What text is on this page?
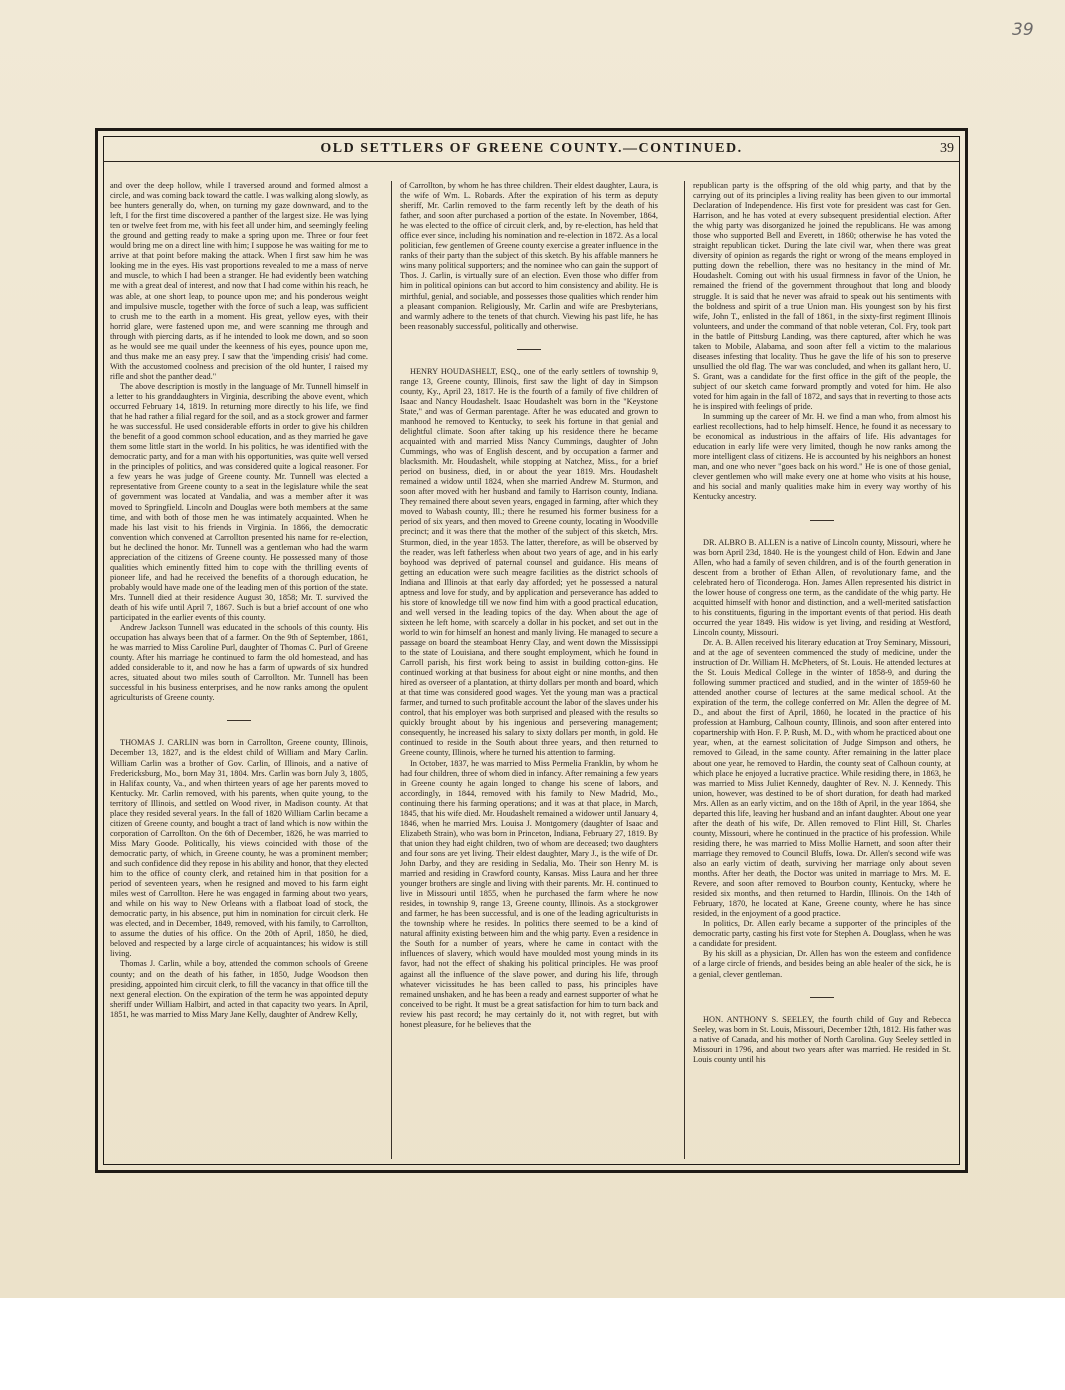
39
OLD SETTLERS OF GREENE COUNTY.—CONTINUED.	39

and over the deep hollow, while I traversed around and formed almost a circle, and was coming back toward the cattle. I was walking along slowly, as bee hunters generally do, when, on turning my gaze downward, and to the left, I for the first time discovered a panther of the largest size. He was lying ten or twelve feet from me, with his feet all under him, and seemingly feeling the ground and getting ready to make a spring upon me. Three or four feet would bring me on a direct line with him; I suppose he was waiting for me to arrive at that point before making the attack. When I first saw him he was looking me in the eyes. His vast proportions revealed to me a mass of nerve and muscle, to which I had been a stranger. He had evidently been watching me with a great deal of interest, and now that I had come within his reach, he was able, at one short leap, to pounce upon me; and his ponderous weight and impulsive muscle, together with the force of such a leap, was sufficient to crush me to the earth in a moment. His great, yellow eyes, with their horrid glare, were fastened upon me, and were scanning me through and through with piercing darts, as if he intended to look me down, and so soon as he would see me quail under the keenness of his eyes, pounce upon me, and thus make me an easy prey. I saw that the 'impending crisis' had come. With the accustomed coolness and precision of the old hunter, I raised my rifle and shot the panther dead."

The above description is mostly in the language of Mr. Tunnell himself in a letter to his granddaughters in Virginia, describing the above event, which occurred February 14, 1819. In returning more directly to his life, we find that he had rather a filial regard for the soil, and as a stock grower and farmer he was successful. He used considerable efforts in order to give his children the benefit of a good common school education, and as they married he gave them some little start in the world. In his politics, he was identified with the democratic party, and for a man with his opportunities, was quite well versed in the principles of politics, and was considered quite a logical reasoner. For a few years he was judge of Greene county. Mr. Tunnell was elected a representative from Greene county to a seat in the legislature while the seat of government was located at Vandalia, and was a member after it was moved to Springfield. Lincoln and Douglas were both members at the same time, and with both of those men he was intimately acquainted. When he made his last visit to his friends in Virginia. In 1866, the democratic convention which convened at Carrollton presented his name for re-election, but he declined the honor. Mr. Tunnell was a gentleman who had the warm appreciation of the citizens of Greene county. He possessed many of those qualities which eminently fitted him to cope with the thrilling events of pioneer life, and had he received the benefits of a thorough education, he probably would have made one of the leading men of this portion of the state. Mrs. Tunnell died at their residence August 30, 1858; Mr. T. survived the death of his wife until April 7, 1867. Such is but a brief account of one who participated in the earlier events of this county.

Andrew Jackson Tunnell was educated in the schools of this county. His occupation has always been that of a farmer. On the 9th of September, 1861, he was married to Miss Caroline Purl, daughter of Thomas C. Purl of Greene county. After his marriage he continued to farm the old homestead, and has added considerable to it, and now he has a farm of upwards of six hundred acres, situated about two miles south of Carrollton. Mr. Tunnell has been successful in his business enterprises, and he now ranks among the opulent agriculturists of Greene county.

THOMAS J. CARLIN was born in Carrollton, Greene county, Illinois, December 13, 1827, and is the eldest child of William and Mary Carlin. William Carlin was a brother of Gov. Carlin, of Illinois, and a native of Fredericksburg, Mo., born May 31, 1804. Mrs. Carlin was born July 3, 1805, in Halifax county, Va., and when thirteen years of age her parents moved to Kentucky. Mr. Carlin removed, with his parents, when quite young, to the territory of Illinois, and settled on Wood river, in Madison county. At that place they resided several years. In the fall of 1820 William Carlin became a citizen of Greene county, and bought a tract of land which is now within the corporation of Carrollton. On the 6th of December, 1826, he was married to Miss Mary Goode. Politically, his views coincided with those of the democratic party, of which, in Greene county, he was a prominent member; and such confidence did they repose in his ability and honor, that they elected him to the office of county clerk, and retained him in that position for a period of seventeen years, when he resigned and moved to his farm eight miles west of Carrollton. Here he was engaged in farming about two years, and while on his way to New Orleans with a flatboat load of stock, the democratic party, in his absence, put him in nomination for circuit clerk. He was elected, and in December, 1849, removed, with his family, to Carrollton, to assume the duties of his office. On the 20th of April, 1850, he died, beloved and respected by a large circle of acquaintances; his widow is still living.

Thomas J. Carlin, while a boy, attended the common schools of Greene county; and on the death of his father, in 1850, Judge Woodson then presiding, appointed him circuit clerk, to fill the vacancy in that office till the next general election. On the expiration of the term he was appointed deputy sheriff under William Halbirt, and acted in that capacity two years. In April, 1851, he was married to Miss Mary Jane Kelly, daughter of Andrew Kelly,

of Carrollton, by whom he has three children. Their eldest daughter, Laura, is the wife of Wm. L. Robards. After the expiration of his term as deputy sheriff, Mr. Carlin removed to the farm recently left by the death of his father, and soon after purchased a portion of the estate. In November, 1864, he was elected to the office of circuit clerk, and, by re-election, has held that office ever since, including his nomination and re-election in 1872. As a local politician, few gentlemen of Greene county exercise a greater influence in the ranks of their party than the subject of this sketch. By his affable manners he wins many political supporters; and the nominee who can gain the support of Thos. J. Carlin, is virtually sure of an election. Even those who differ from him in political opinions can but accord to him consistency and ability. He is mirthful, genial, and sociable, and possesses those qualities which render him a pleasant companion. Religiously, Mr. Carlin and wife are Presbyterians, and warmly adhere to the tenets of that church. Viewing his past life, he has been reasonably successful, politically and otherwise.

HENRY HOUDASHELT, ESQ., one of the early settlers of township 9, range 13, Greene county, Illinois, first saw the light of day in Simpson county, Ky., April 23, 1817. He is the fourth of a family of five children of Isaac and Nancy Houdashelt. Isaac Houdashelt was born in the "Keystone State," and was of German parentage. After he was educated and grown to manhood he removed to Kentucky, to seek his fortune in that genial and delightful climate. Soon after taking up his residence there he became acquainted with and married Miss Nancy Cummings, daughter of John Cummings, who was of English descent, and by occupation a farmer and blacksmith. Mr. Houdashelt, while stopping at Natchez, Miss., for a brief period on business, died, in or about the year 1819. Mrs. Houdashelt remained a widow until 1824, when she married Andrew M. Sturmon, and soon after moved with her husband and family to Harrison county, Indiana. They remained there about seven years, engaged in farming, after which they moved to Wabash county, Ill.; there he resumed his former business for a period of six years, and then moved to Greene county, locating in Woodville precinct; and it was there that the mother of the subject of this sketch, Mrs. Sturmon, died, in the year 1853. The latter, therefore, as will be observed by the reader, was left fatherless when about two years of age, and in his early boyhood was deprived of paternal counsel and guidance. His means of getting an education were such meagre facilities as the district schools of Indiana and Illinois at that early day afforded; yet he possessed a natural aptness and love for study, and by application and perseverance has added to his store of knowledge till we now find him with a good practical education, and well versed in the leading topics of the day. When about the age of sixteen he left home, with scarcely a dollar in his pocket, and set out in the world to win for himself an honest and manly living. He managed to secure a passage on board the steamboat Henry Clay, and went down the Mississippi to the state of Louisiana, and there sought employment, which he found in Carroll parish, his first work being to assist in building cotton-gins. He continued working at that business for about eight or nine months, and then hired as overseer of a plantation, at thirty dollars per month and board, which at that time was considered good wages. Yet the young man was a practical farmer, and turned to such profitable account the labor of the slaves under his control, that his employer was both surprised and pleased with the results so quickly brought about by his ingenious and persevering management; consequently, he increased his salary to sixty dollars per month, in gold. He continued to reside in the South about three years, and then returned to Greene county, Illinois, where he turned his attention to farming.

In October, 1837, he was married to Miss Permelia Franklin, by whom he had four children, three of whom died in infancy. After remaining a few years in Greene county he again longed to change his scene of labors, and accordingly, in 1844, removed with his family to New Madrid, Mo., continuing there his farming operations; and it was at that place, in March, 1845, that his wife died. Mr. Houdashelt remained a widower until January 4, 1846, when he married Mrs. Louisa J. Montgomery (daughter of Isaac and Elizabeth Strain), who was born in Princeton, Indiana, February 27, 1819. By that union they had eight children, two of whom are deceased; two daughters and four sons are yet living. Their eldest daughter, Mary J., is the wife of Dr. John Darby, and they are residing in Sedalia, Mo. Their son Henry M. is married and residing in Crawford county, Kansas. Miss Laura and her three younger brothers are single and living with their parents. Mr. H. continued to live in Missouri until 1855, when he purchased the farm where he now resides, in township 9, range 13, Greene county, Illinois. As a stockgrower and farmer, he has been successful, and is one of the leading agriculturists in the township where he resides. In politics there seemed to be a kind of natural affinity existing between him and the whig party. Even a residence in the South for a number of years, where he came in contact with the influences of slavery, which would have moulded most young minds in its favor, had not the effect of shaking his political principles. He was proof against all the influence of the slave power, and during his life, through whatever vicissitudes he has been called to pass, his principles have remained unshaken, and he has been a ready and earnest supporter of what he conceived to be right. It must be a great satisfaction for him to turn back and review his past record; he may certainly do it, not with regret, but with honest pleasure, for he believes that the

republican party is the offspring of the old whig party, and that by the carrying out of its principles a living reality has been given to our immortal Declaration of Independence. His first vote for president was cast for Gen. Harrison, and he has voted at every subsequent presidential election. After the whig party was disorganized he joined the republicans. He was among those who supported Bell and Everett, in 1860; otherwise he has voted the straight republican ticket. During the late civil war, when there was great diversity of opinion as regards the right or wrong of the means employed in putting down the rebellion, there was no hesitancy in the mind of Mr. Houdashelt. Coming out with his usual firmness in favor of the Union, he remained the friend of the government throughout that long and bloody struggle. It is said that he never was afraid to speak out his sentiments with the boldness and spirit of a true Union man. His youngest son by his first wife, John T., enlisted in the fall of 1861, in the sixty-first regiment Illinois volunteers, and under the command of that noble veteran, Col. Fry, took part in the battle of Pittsburg Landing, was there captured, after which he was taken to Mobile, Alabama, and soon after fell a victim to the malarious diseases infesting that locality. Thus he gave the life of his son to preserve unsullied the old flag. The war was concluded, and when its gallant hero, U. S. Grant, was a candidate for the first office in the gift of the people, the subject of our sketch came forward promptly and voted for him. He also voted for him again in the fall of 1872, and says that in reverting to those acts he is inspired with feelings of pride.

In summing up the career of Mr. H. we find a man who, from almost his earliest recollections, had to help himself. Hence, he found it as necessary to be economical as industrious in the affairs of life. His advantages for education in early life were very limited, though he now ranks among the more intelligent class of citizens. He is accounted by his neighbors an honest man, and one who never "goes back on his word." He is one of those genial, clever gentlemen who will make every one at home who visits at his house, and his social and manly qualities make him in every way worthy of his Kentucky ancestry.

DR. ALBRO B. ALLEN is a native of Lincoln county, Missouri, where he was born April 23d, 1840. He is the youngest child of Hon. Edwin and Jane Allen, who had a family of seven children, and is of the fourth generation in descent from a brother of Ethan Allen, of revolutionary fame, and the celebrated hero of Ticonderoga. Hon. James Allen represented his district in the lower house of congress one term, as the candidate of the whig party. He acquitted himself with honor and distinction, and a well-merited satisfaction to his constituents, figuring in the important events of that period. His death occurred the year 1849. His widow is yet living, and residing at Westford, Lincoln county, Missouri.

Dr. A. B. Allen received his literary education at Troy Seminary, Missouri, and at the age of seventeen commenced the study of medicine, under the instruction of Dr. William H. McPheters, of St. Louis. He attended lectures at the St. Louis Medical College in the winter of 1858-9, and during the following summer practiced and studied, and in the winter of 1859-60 he attended another course of lectures at the same medical school. At the expiration of the term, the college conferred on Mr. Allen the degree of M. D., and about the first of April, 1860, he located in the practice of his profession at Hamburg, Calhoun county, Illinois, and soon after entered into copartnership with Hon. F. P. Rush, M. D., with whom he practiced about one year, when, at the earnest solicitation of Judge Simpson and others, he removed to Gilead, in the same county. After remaining in the latter place about one year, he removed to Hardin, the county seat of Calhoun county, at which place he enjoyed a lucrative practice. While residing there, in 1863, he was married to Miss Juliet Kennedy, daughter of Rev. N. J. Kennedy. This union, however, was destined to be of short duration, for death had marked Mrs. Allen as an early victim, and on the 18th of April, in the year 1864, she departed this life, leaving her husband and an infant daughter. About one year after the death of his wife, Dr. Allen removed to Flint Hill, St. Charles county, Missouri, where he continued in the practice of his profession. While residing there, he was married to Miss Mollie Harnett, and soon after their marriage they removed to Council Bluffs, Iowa. Dr. Allen's second wife was also an early victim of death, surviving her marriage only about seven months. After her death, the Doctor was united in marriage to Mrs. M. E. Revere, and soon after removed to Bourbon county, Kentucky, where he resided six months, and then returned to Hardin, Illinois. On the 14th of February, 1870, he located at Kane, Greene county, where he has since resided, in the enjoyment of a good practice.

In politics, Dr. Allen early became a supporter of the principles of the democratic party, casting his first vote for Stephen A. Douglass, when he was a candidate for president.

By his skill as a physician, Dr. Allen has won the esteem and confidence of a large circle of friends, and besides being an able healer of the sick, he is a genial, clever gentleman.

HON. ANTHONY S. SEELEY, the fourth child of Guy and Rebecca Seeley, was born in St. Louis, Missouri, December 12th, 1812. His father was a native of Canada, and his mother of North Carolina. Guy Seeley settled in Missouri in 1796, and about two years after was married. He resided in St. Louis county until his
